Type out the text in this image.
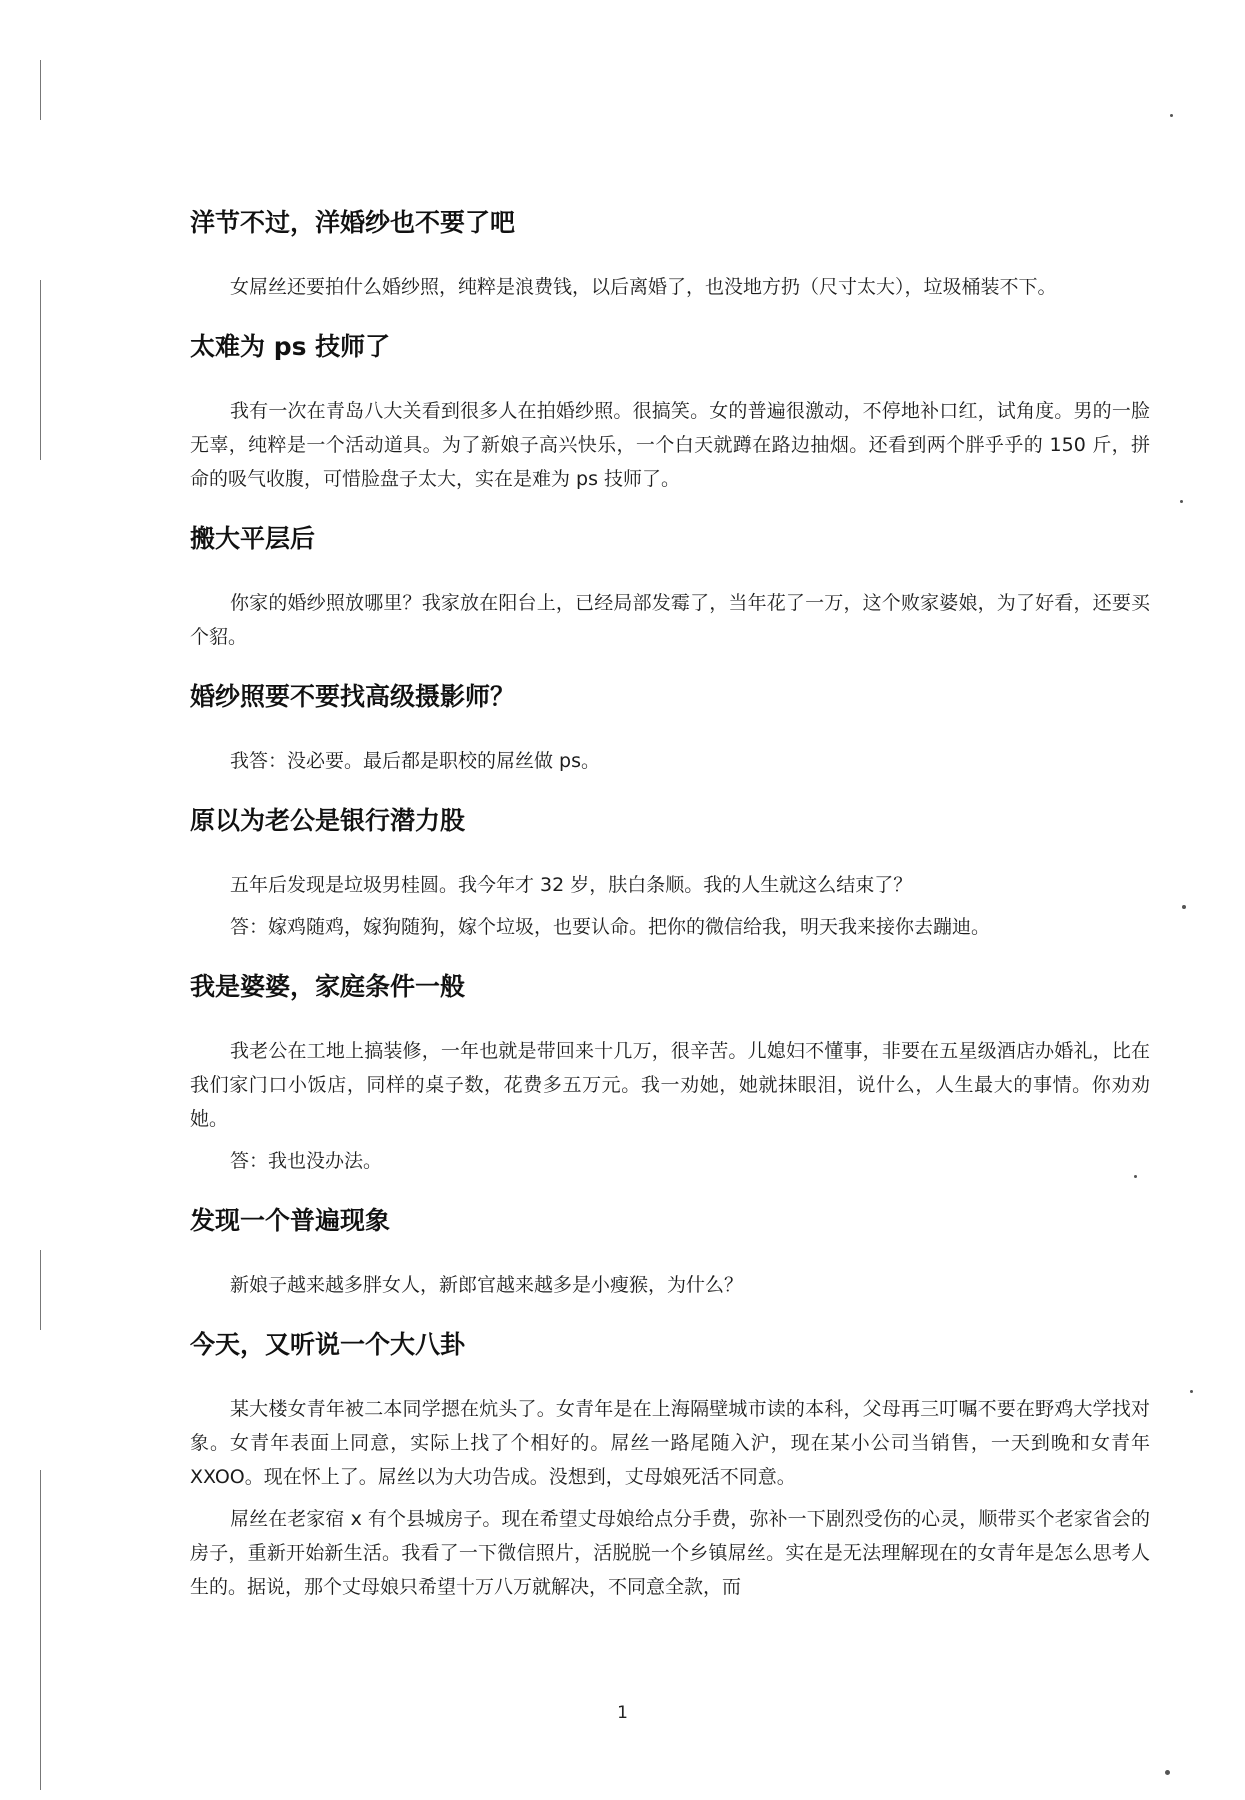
洋节不过，洋婚纱也不要了吧

女屌丝还要拍什么婚纱照，纯粹是浪费钱，以后离婚了，也没地方扔（尺寸太大），垃圾桶装不下。

太难为 ps 技师了

我有一次在青岛八大关看到很多人在拍婚纱照。很搞笑。女的普遍很激动，不停地补口红，试角度。男的一脸无辜，纯粹是一个活动道具。为了新娘子高兴快乐，一个白天就蹲在路边抽烟。还看到两个胖乎乎的 150 斤，拼命的吸气收腹，可惜脸盘子太大，实在是难为 ps 技师了。

搬大平层后

你家的婚纱照放哪里？我家放在阳台上，已经局部发霉了，当年花了一万，这个败家婆娘，为了好看，还要买个貂。

婚纱照要不要找高级摄影师？

我答：没必要。最后都是职校的屌丝做 ps。

原以为老公是银行潜力股

五年后发现是垃圾男桂圆。我今年才 32 岁，肤白条顺。我的人生就这么结束了？

答：嫁鸡随鸡，嫁狗随狗，嫁个垃圾，也要认命。把你的微信给我，明天我来接你去蹦迪。

我是婆婆，家庭条件一般

我老公在工地上搞装修，一年也就是带回来十几万，很辛苦。儿媳妇不懂事，非要在五星级酒店办婚礼，比在我们家门口小饭店，同样的桌子数，花费多五万元。我一劝她，她就抹眼泪，说什么，人生最大的事情。你劝劝她。

答：我也没办法。

发现一个普遍现象

新娘子越来越多胖女人，新郎官越来越多是小瘦猴，为什么？

今天，又听说一个大八卦

某大楼女青年被二本同学摁在炕头了。女青年是在上海隔壁城市读的本科，父母再三叮嘱不要在野鸡大学找对象。女青年表面上同意，实际上找了个相好的。屌丝一路尾随入沪，现在某小公司当销售，一天到晚和女青年 XXOO。现在怀上了。屌丝以为大功告成。没想到，丈母娘死活不同意。

屌丝在老家宿 x 有个县城房子。现在希望丈母娘给点分手费，弥补一下剧烈受伤的心灵，顺带买个老家省会的房子，重新开始新生活。我看了一下微信照片，活脱脱一个乡镇屌丝。实在是无法理解现在的女青年是怎么思考人生的。据说，那个丈母娘只希望十万八万就解决，不同意全款，而

1
